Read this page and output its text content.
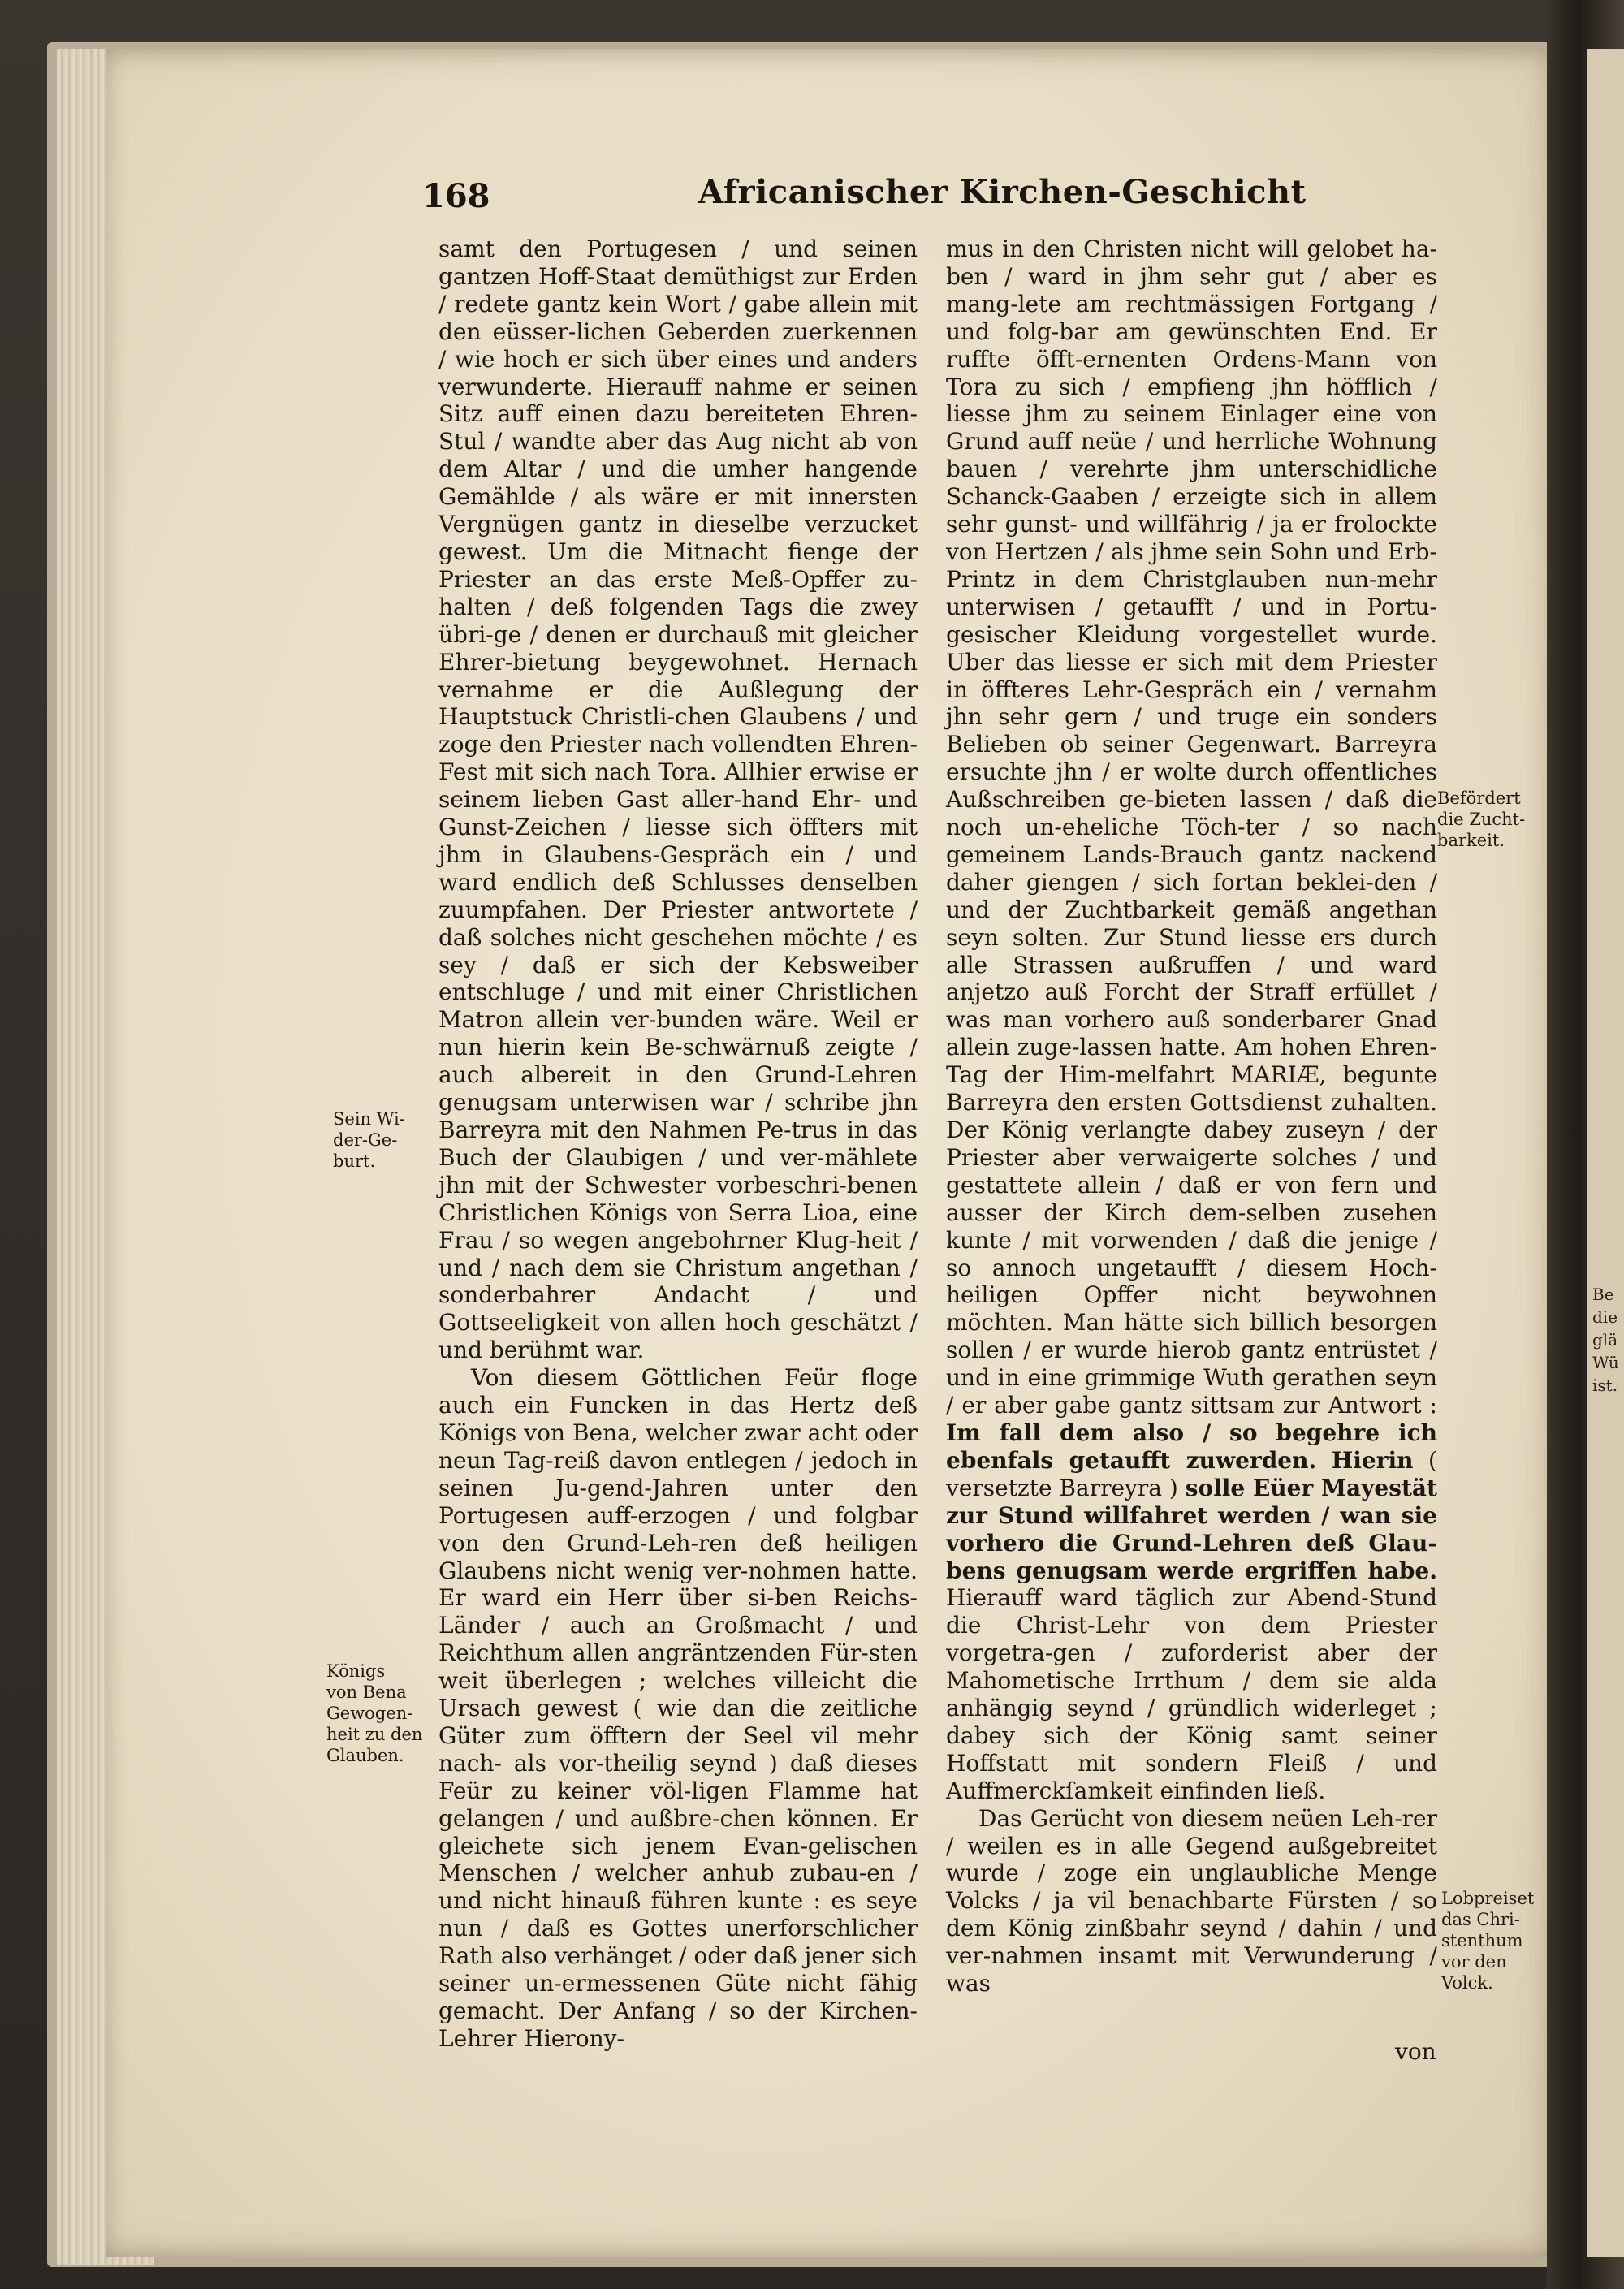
Be
die
glä
Wü
ist.
168	Africanischer Kirchen-Geschicht

samt den Portugesen / und seinen gantzen Hoff-Staat demüthigst zur Erden / redete gantz kein Wort / gabe allein mit den eüsser-lichen Geberden zuerkennen / wie hoch er sich über eines und anders verwunderte. Hierauff nahme er seinen Sitz auff einen dazu bereiteten Ehren-Stul / wandte aber das Aug nicht ab von dem Altar / und die umher hangende Gemählde / als wäre er mit innersten Vergnügen gantz in dieselbe verzucket gewest. Um die Mitnacht fienge der Priester an das erste Meß-Opffer zu-halten / deß folgenden Tags die zwey übri-ge / denen er durchauß mit gleicher Ehrer-bietung beygewohnet. Hernach vernahme er die Außlegung der Hauptstuck Christli-chen Glaubens / und zoge den Priester nach vollendten Ehren-Fest mit sich nach Tora. Allhier erwise er seinem lieben Gast aller-hand Ehr- und Gunst-Zeichen / liesse sich öffters mit jhm in Glaubens-Gespräch ein / und ward endlich deß Schlusses denselben zuumpfahen. Der Priester antwortete / daß solches nicht geschehen möchte / es sey / daß er sich der Kebsweiber entschluge / und mit einer Christlichen Matron allein ver-bunden wäre. Weil er nun hierin kein Be-schwärnuß zeigte / auch albereit in den Grund-Lehren genugsam unterwisen war / schribe jhn Barreyra mit den Nahmen Pe-trus in das Buch der Glaubigen / und ver-mählete jhn mit der Schwester vorbeschri-benen Christlichen Königs von Serra Lioa, eine Frau / so wegen angebohrner Klug-heit / und / nach dem sie Christum angethan / sonderbahrer Andacht / und Gottseeligkeit von allen hoch geschätzt / und berühmt war.

Von diesem Göttlichen Feür floge auch ein Funcken in das Hertz deß Königs von Bena, welcher zwar acht oder neun Tag-reiß davon entlegen / jedoch in seinen Ju-gend-Jahren unter den Portugesen auff-erzogen / und folgbar von den Grund-Leh-ren deß heiligen Glaubens nicht wenig ver-nohmen hatte. Er ward ein Herr über si-ben Reichs-Länder / auch an Großmacht / und Reichthum allen angräntzenden Für-sten weit überlegen ; welches villeicht die Ursach gewest ( wie dan die zeitliche Güter zum öfftern der Seel vil mehr nach- als vor-theilig seynd ) daß dieses Feür zu keiner völ-ligen Flamme hat gelangen / und außbre-chen können. Er gleichete sich jenem Evan-gelischen Menschen / welcher anhub zubau-en / und nicht hinauß führen kunte : es seye nun / daß es Gottes unerforschlicher Rath also verhänget / oder daß jener sich seiner un-ermessenen Güte nicht fähig gemacht. Der Anfang / so der Kirchen-Lehrer Hierony-

mus in den Christen nicht will gelobet ha-ben / ward in jhm sehr gut / aber es mang-lete am rechtmässigen Fortgang / und folg-bar am gewünschten End. Er ruffte öfft-ernenten Ordens-Mann von Tora zu sich / empfieng jhn höfflich / liesse jhm zu seinem Einlager eine von Grund auff neüe / und herrliche Wohnung bauen / verehrte jhm unterschidliche Schanck-Gaaben / erzeigte sich in allem sehr gunst- und willfährig / ja er frolockte von Hertzen / als jhme sein Sohn und Erb-Printz in dem Christglauben nun-mehr unterwisen / getaufft / und in Portu-gesischer Kleidung vorgestellet wurde. Uber das liesse er sich mit dem Priester in öffteres Lehr-Gespräch ein / vernahm jhn sehr gern / und truge ein sonders Belieben ob seiner Gegenwart. Barreyra ersuchte jhn / er wolte durch offentliches Außschreiben ge-bieten lassen / daß die noch un-eheliche Töch-ter / so nach gemeinem Lands-Brauch gantz nackend daher giengen / sich fortan beklei-den / und der Zuchtbarkeit gemäß angethan seyn solten. Zur Stund liesse ers durch alle Strassen außruffen / und ward anjetzo auß Forcht der Straff erfüllet / was man vorhero auß sonderbarer Gnad allein zuge-lassen hatte. Am hohen Ehren-Tag der Him-melfahrt MARIÆ, begunte Barreyra den ersten Gottsdienst zuhalten. Der König verlangte dabey zuseyn / der Priester aber verwaigerte solches / und gestattete allein / daß er von fern und ausser der Kirch dem-selben zusehen kunte / mit vorwenden / daß die jenige / so annoch ungetaufft / diesem Hoch- heiligen Opffer nicht beywohnen möchten. Man hätte sich billich besorgen sollen / er wurde hierob gantz entrüstet / und in eine grimmige Wuth gerathen seyn / er aber gabe gantz sittsam zur Antwort : Im fall dem also / so begehre ich ebenfals getaufft zuwerden. Hierin ( versetzte Barreyra ) solle Eüer Mayestät zur Stund willfahret werden / wan sie vorhero die Grund-Lehren deß Glau-bens genugsam werde ergriffen habe. Hierauff ward täglich zur Abend-Stund die Christ-Lehr von dem Priester vorgetra-gen / zuforderist aber der Mahometische Irrthum / dem sie alda anhängig seynd / gründlich widerleget ; dabey sich der König samt seiner Hoffstatt mit sondern Fleiß / und Auffmerckſamkeit einfinden ließ.

Das Gerücht von diesem neüen Leh-rer / weilen es in alle Gegend außgebreitet wurde / zoge ein unglaubliche Menge Volcks / ja vil benachbarte Fürsten / so dem König zinßbahr seynd / dahin / und ver-nahmen insamt mit Verwunderung / was

von
Sein Wi-
der-Ge-
burt.
Königs
von Bena
Gewogen-
heit zu den
Glauben.
Befördert
die Zucht-
barkeit.
Lobpreiset
das Chri-
stenthum
vor den
Volck.
